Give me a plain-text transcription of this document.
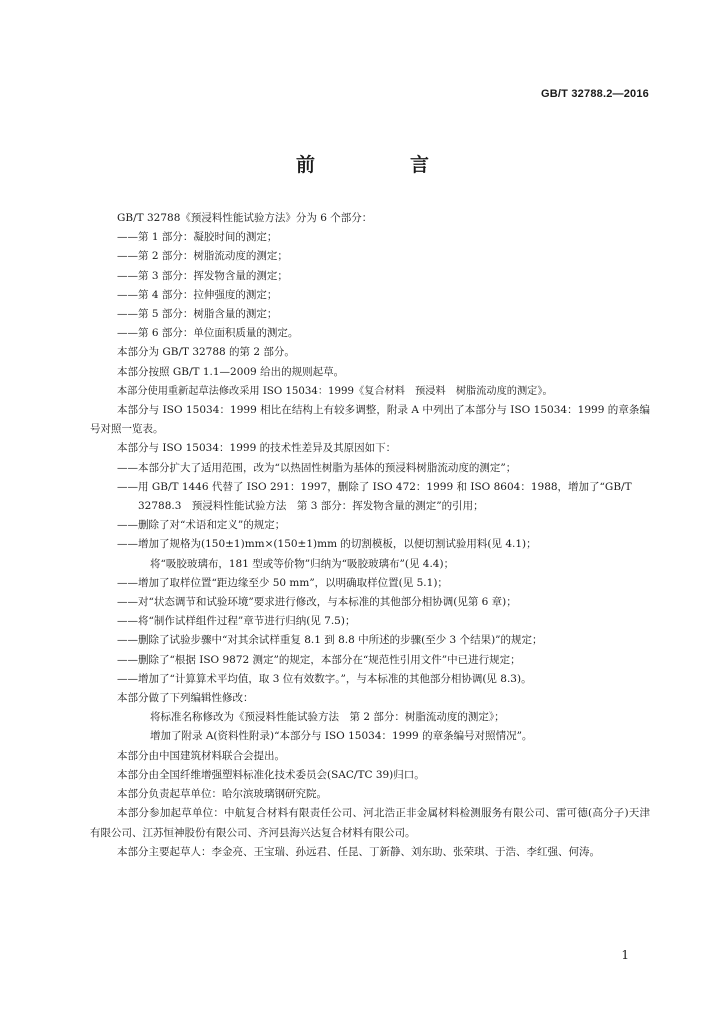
GB/T 32788.2—2016
前　言

GB/T 32788《预浸料性能试验方法》分为 6 个部分：

——第 1 部分：凝胶时间的测定；

——第 2 部分：树脂流动度的测定；

——第 3 部分：挥发物含量的测定；

——第 4 部分：拉伸强度的测定；

——第 5 部分：树脂含量的测定；

——第 6 部分：单位面积质量的测定。

本部分为 GB/T 32788 的第 2 部分。

本部分按照 GB/T 1.1—2009 给出的规则起草。

本部分使用重新起草法修改采用 ISO 15034：1999《复合材料　预浸料　树脂流动度的测定》。

本部分与 ISO 15034：1999 相比在结构上有较多调整，附录 A 中列出了本部分与 ISO 15034：1999 的章条编号对照一览表。

本部分与 ISO 15034：1999 的技术性差异及其原因如下：

——本部分扩大了适用范围，改为“以热固性树脂为基体的预浸料树脂流动度的测定”；

——用 GB/T 1446 代替了 ISO 291：1997，删除了 ISO 472：1999 和 ISO 8604：1988，增加了“GB/T 32788.3　预浸料性能试验方法　第 3 部分：挥发物含量的测定”的引用；

——删除了对“术语和定义”的规定；

——增加了规格为(150±1)mm×(150±1)mm 的切割模板，以便切割试验用料(见 4.1)；

将“吸胶玻璃布，181 型或等价物”归纳为“吸胶玻璃布”(见 4.4)；

——增加了取样位置“距边缘至少 50 mm”，以明确取样位置(见 5.1)；

——对“状态调节和试验环境”要求进行修改，与本标准的其他部分相协调(见第 6 章)；

——将“制作试样组件过程”章节进行归纳(见 7.5)；

——删除了试验步骤中“对其余试样重复 8.1 到 8.8 中所述的步骤(至少 3 个结果)”的规定；

——删除了“根据 ISO 9872 测定”的规定，本部分在“规范性引用文件”中已进行规定；

——增加了“计算算术平均值，取 3 位有效数字。”，与本标准的其他部分相协调(见 8.3)。

本部分做了下列编辑性修改：

将标准名称修改为《预浸料性能试验方法　第 2 部分：树脂流动度的测定》；

增加了附录 A(资料性附录)“本部分与 ISO 15034：1999 的章条编号对照情况”。

本部分由中国建筑材料联合会提出。

本部分由全国纤维增强塑料标准化技术委员会(SAC/TC 39)归口。

本部分负责起草单位：哈尔滨玻璃钢研究院。

本部分参加起草单位：中航复合材料有限责任公司、河北浩正非金属材料检测服务有限公司、雷可德(高分子)天津有限公司、江苏恒神股份有限公司、齐河县海兴达复合材料有限公司。

本部分主要起草人：李金亮、王宝瑞、孙远君、任昆、丁新静、刘东助、张荣琪、于浩、李红强、何涛。

1
